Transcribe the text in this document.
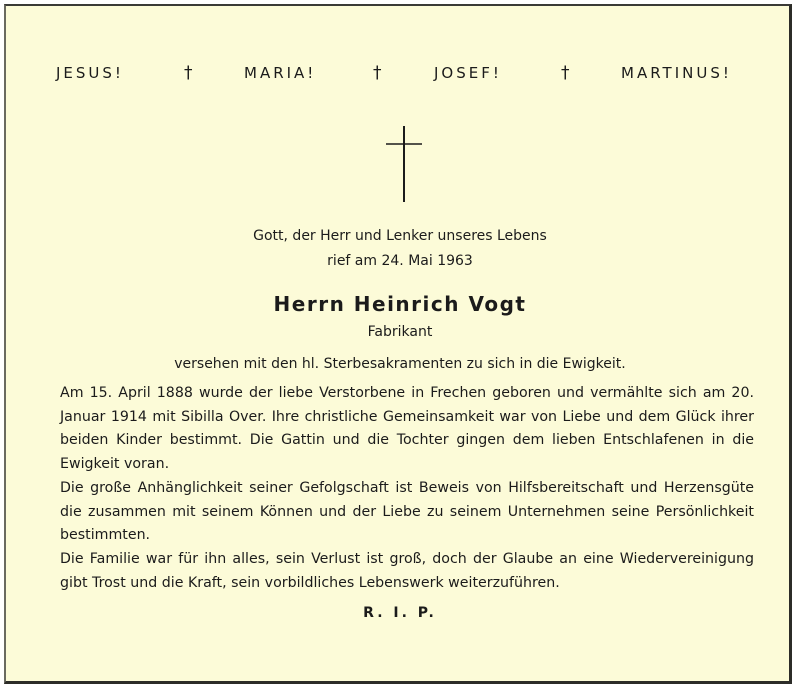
JESUS!	†	MARIA!	†	JOSEF!	†	MARTINUS!
Gott, der Herr und Lenker unseres Lebens
rief am 24. Mai 1963
Herrn Heinrich Vogt
Fabrikant
versehen mit den hl. Sterbesakramenten zu sich in die Ewigkeit.
Am 15. April 1888 wurde der liebe Verstorbene in Frechen geboren und vermählte sich am 20. Januar 1914 mit Sibilla Over. Ihre christliche Gemeinsamkeit war von Liebe und dem Glück ihrer beiden Kinder bestimmt. Die Gattin und die Tochter gingen dem lieben Entschlafenen in die Ewigkeit voran.
Die große Anhänglichkeit seiner Gefolgschaft ist Beweis von Hilfsbereitschaft und Herzensgüte die zusammen mit seinem Können und der Liebe zu seinem Unternehmen seine Persönlichkeit bestimmten.
Die Familie war für ihn alles, sein Verlust ist groß, doch der Glaube an eine Wiedervereinigung gibt Trost und die Kraft, sein vorbildliches Lebenswerk weiterzuführen.
R. I. P.
